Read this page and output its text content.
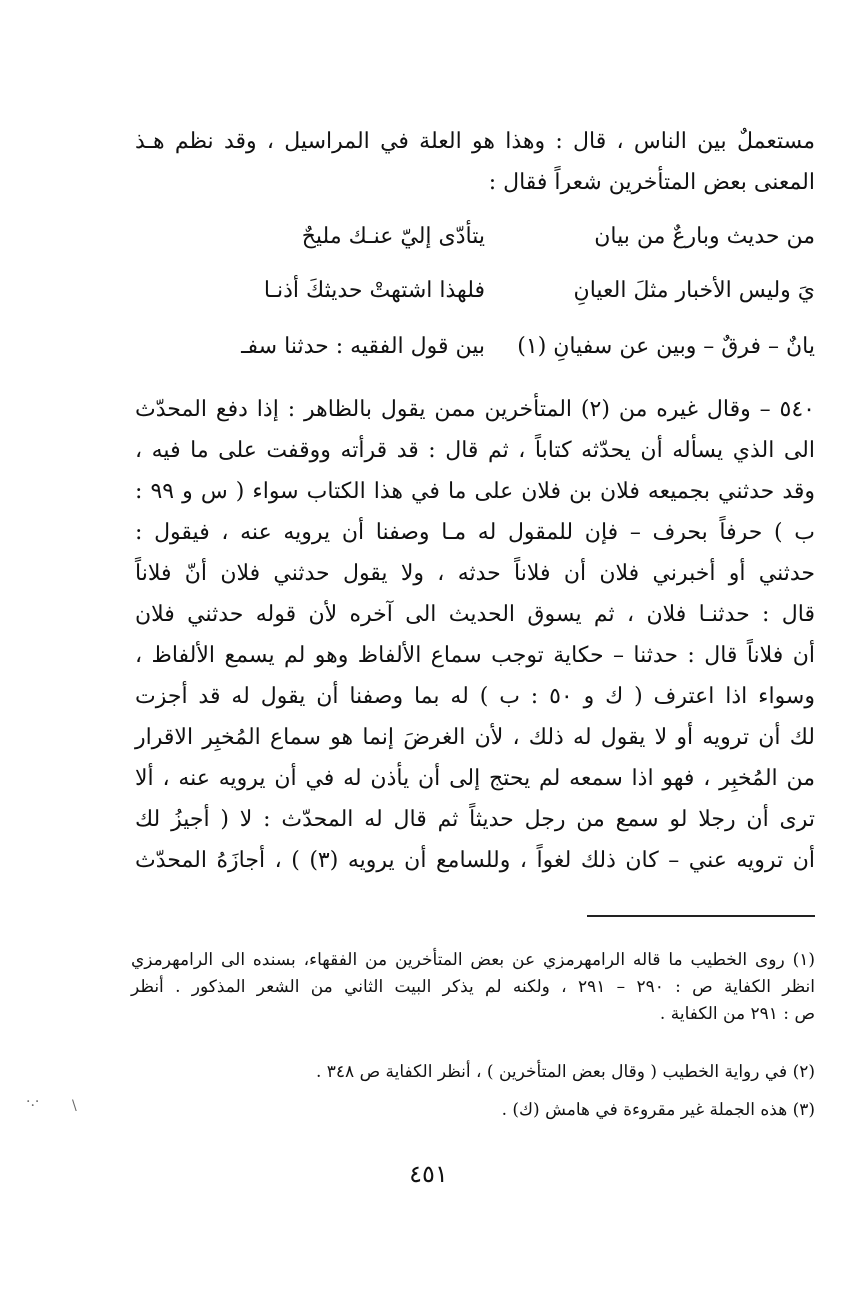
مستعملٌ بين الناس ، قال : وهذا هو العلة في المراسيل ، وقد نظم هـذ
المعنى بعض المتأخرين شعراً فقال :
من حديث وبارعٌ من بيان
يتأدّى إليّ عنـك مليحٌ
يَ وليس الأخبار مثلَ العيانِ
فلهذا اشتهتْ حديثكَ أذنـا
يانٌ – فرقٌ – وبين عن سفيانِ (١)
بين قول الفقيه : حدثنا سفـ
٥٤٠ – وقال غيره من (٢) المتأخرين ممن يقول بالظاهر : إذا دفع المحدّث
الى الذي يسأله أن يحدّثه كتاباً ، ثم قال : قد قرأته ووقفت على ما فيه ،
وقد حدثني بجميعه فلان بن فلان على ما في هذا الكتاب سواء ( س و ٩٩ :
ب ) حرفاً بحرف – فإن للمقول له مـا وصفنا أن يرويه عنه ، فيقول :
حدثني أو أخبرني فلان أن فلاناً حدثه ، ولا يقول حدثني فلان أنّ فلاناً
قال : حدثنـا فلان ، ثم يسوق الحديث الى آخره لأن قوله حدثني فلان
أن فلاناً قال : حدثنا – حكاية توجب سماع الألفاظ وهو لم يسمع الألفاظ ،
وسواء اذا اعترف ( ك و ٥٠ : ب ) له بما وصفنا أن يقول له قد أجزت
لك أن ترويه أو لا يقول له ذلك ، لأن الغرضَ إنما هو سماع المُخبِر الاقرار
من المُخبِر ، فهو اذا سمعه لم يحتج إلى أن يأذن له في أن يرويه عنه ، ألا
ترى أن رجلا لو سمع من رجل حديثاً ثم قال له المحدّث : لا ( أجيزُ لك
أن ترويه عني – كان ذلك لغواً ، وللسامع أن يرويه (٣) ) ، أجازَهُ المحدّث
(١) روى الخطيب ما قاله الرامهرمزي عن بعض المتأخرين من الفقهاء، بسنده الى الرامهرمزي
انظر الكفاية ص : ٢٩٠ – ٢٩١ ، ولكنه لم يذكر البيت الثاني من الشعر المذكور . أنظر
ص : ٢٩١ من الكفاية .
(٢) في رواية الخطيب ( وقال بعض المتأخرين ) ، أنظر الكفاية ص ٣٤٨ .
(٣) هذه الجملة غير مقروءة في هامش (ك) .
٤٥١
·.· \
